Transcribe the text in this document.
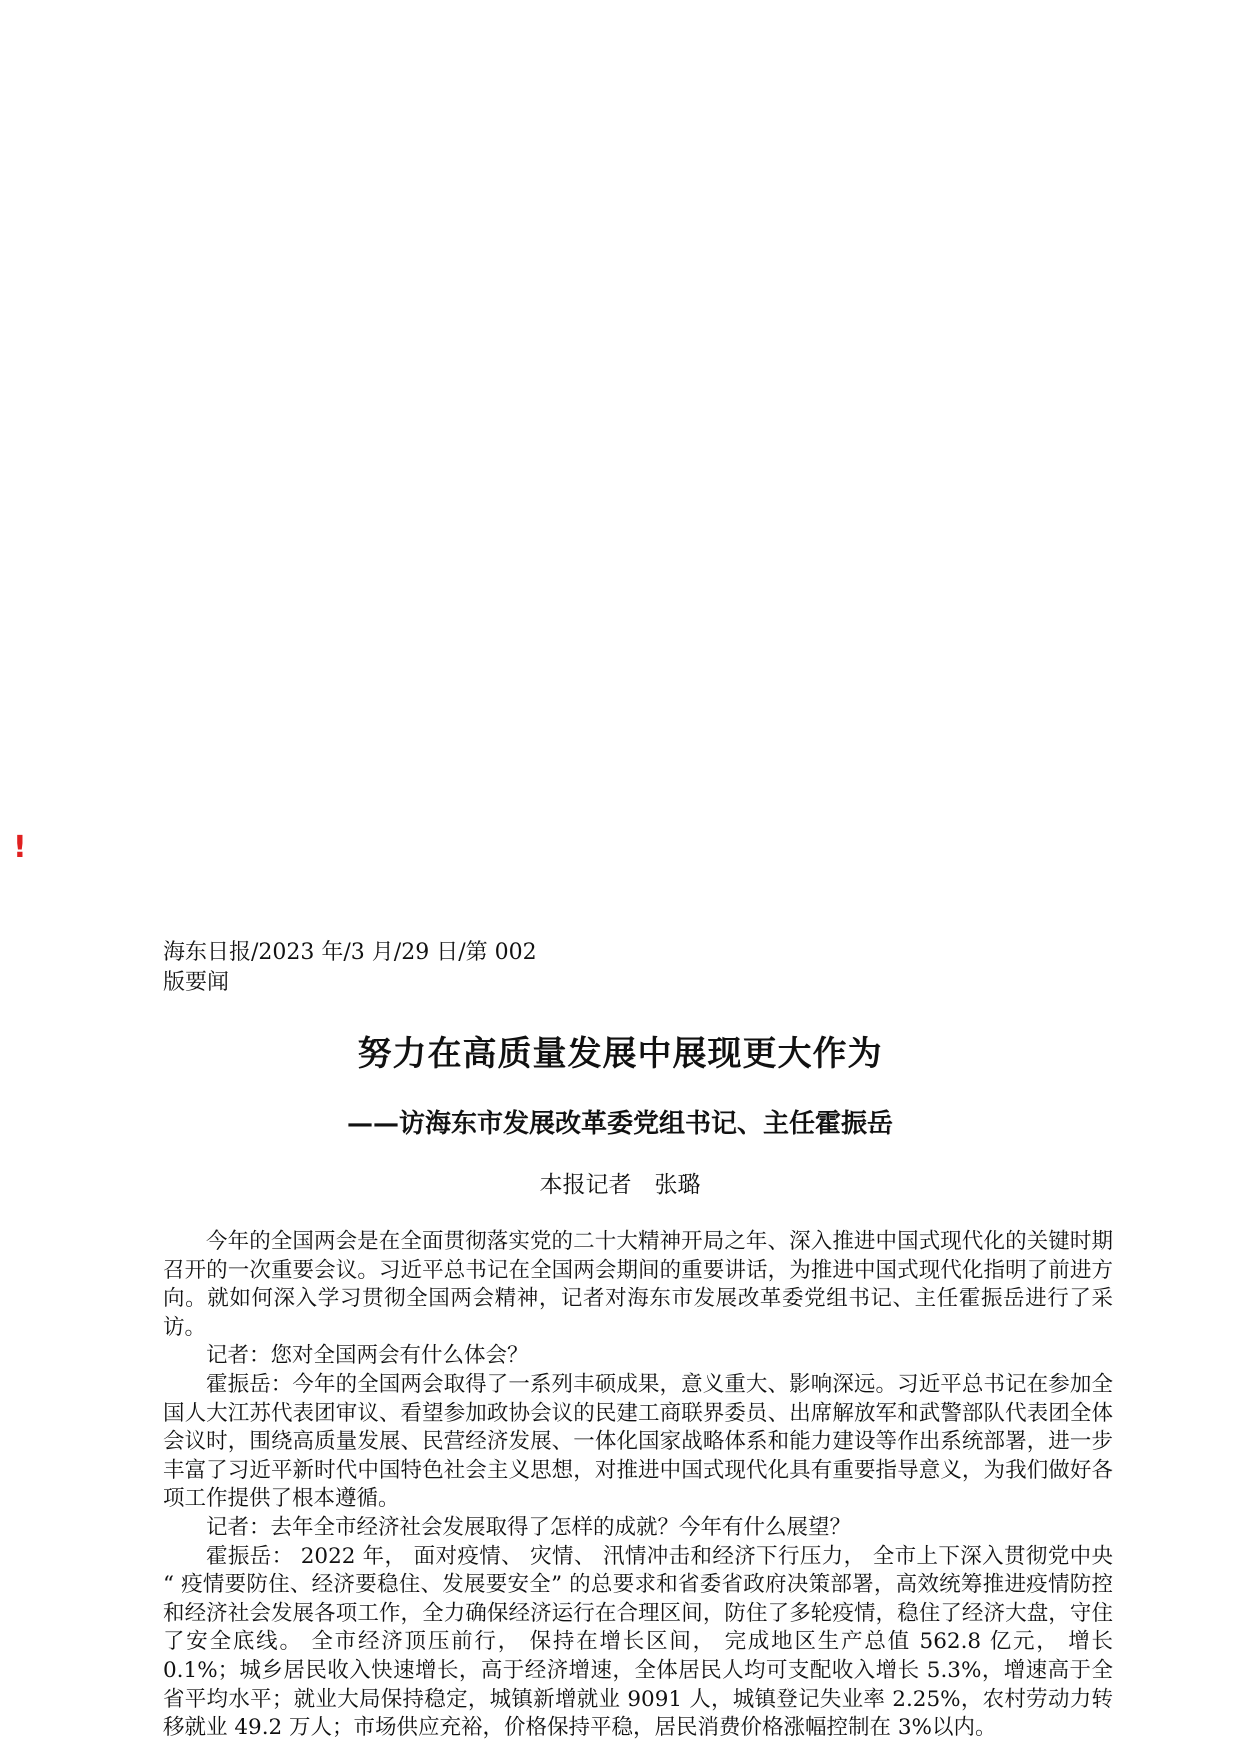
!
海东日报/2023 年/3 月/29 日/第 002
版要闻
努力在高质量发展中展现更大作为
——访海东市发展改革委党组书记、主任霍振岳
本报记者　张璐

今年的全国两会是在全面贯彻落实党的二十大精神开局之年、深入推进中国式现代化的关键时期召开的一次重要会议。习近平总书记在全国两会期间的重要讲话，为推进中国式现代化指明了前进方向。就如何深入学习贯彻全国两会精神，记者对海东市发展改革委党组书记、主任霍振岳进行了采访。

记者：您对全国两会有什么体会？

霍振岳：今年的全国两会取得了一系列丰硕成果，意义重大、影响深远。习近平总书记在参加全国人大江苏代表团审议、看望参加政协会议的民建工商联界委员、出席解放军和武警部队代表团全体会议时，围绕高质量发展、民营经济发展、一体化国家战略体系和能力建设等作出系统部署，进一步丰富了习近平新时代中国特色社会主义思想，对推进中国式现代化具有重要指导意义，为我们做好各项工作提供了根本遵循。

记者：去年全市经济社会发展取得了怎样的成就？今年有什么展望？

霍振岳： 2022 年， 面对疫情、 灾情、 汛情冲击和经济下行压力， 全市上下深入贯彻党中央 “ 疫情要防住、经济要稳住、发展要安全” 的总要求和省委省政府决策部署，高效统筹推进疫情防控和经济社会发展各项工作，全力确保经济运行在合理区间，防住了多轮疫情，稳住了经济大盘，守住了安全底线。 全市经济顶压前行， 保持在增长区间， 完成地区生产总值 562.8 亿元， 增长 0.1%；城乡居民收入快速增长，高于经济增速，全体居民人均可支配收入增长 5.3%，增速高于全省平均水平；就业大局保持稳定，城镇新增就业 9091 人，城镇登记失业率 2.25%，农村劳动力转移就业 49.2 万人；市场供应充裕，价格保持平稳，居民消费价格涨幅控制在 3%以内。
